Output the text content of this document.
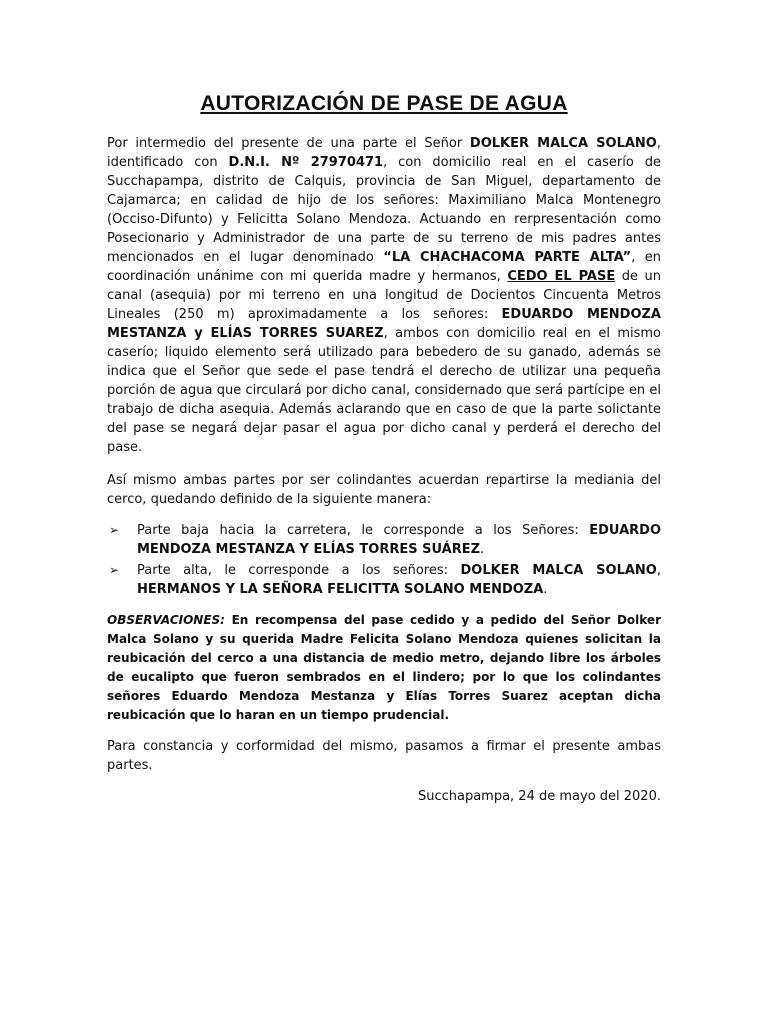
AUTORIZACIÓN DE PASE DE AGUA

Por intermedio del presente de una parte el Señor DOLKER MALCA SOLANO, identificado con D.N.I. Nº 27970471, con domicilio real en el caserío de Succhapampa, distrito de Calquis, provincia de San Miguel, departamento de Cajamarca; en calidad de hijo de los señores: Maximiliano Malca Montenegro (Occiso-Difunto) y Felicitta Solano Mendoza. Actuando en rerpresentación como Posecionario y Administrador de una parte de su terreno de mis padres antes mencionados en el lugar denominado “LA CHACHACOMA PARTE ALTA”, en coordinación unánime con mi querida madre y hermanos, CEDO EL PASE de un canal (asequia) por mi terreno en una longitud de Docientos Cincuenta Metros Lineales (250 m) aproximadamente a los señores: EDUARDO MENDOZA MESTANZA y ELÍAS TORRES SUAREZ, ambos con domicilio real en el mismo caserío; liquido elemento será utilizado para bebedero de su ganado, además se indica que el Señor que sede el pase tendrá el derecho de utilizar una pequeña porción de agua que circulará por dicho canal, considernado que será partícipe en el trabajo de dicha asequia. Además aclarando que en caso de que la parte solictante del pase se negará dejar pasar el agua por dicho canal y perderá el derecho del pase.

Así mismo ambas partes por ser colindantes acuerdan repartirse la mediania del cerco, quedando definido de la siguiente manera:

➢ Parte baja hacia la carretera, le corresponde a los Señores: EDUARDO MENDOZA MESTANZA Y ELÍAS TORRES SUÁREZ.
➢ Parte alta, le corresponde a los señores: DOLKER MALCA SOLANO, HERMANOS Y LA SEÑORA FELICITTA SOLANO MENDOZA.

OBSERVACIONES: En recompensa del pase cedido y a pedido del Señor Dolker Malca Solano y su querida Madre Felicita Solano Mendoza quienes solicitan la reubicación del cerco a una distancia de medio metro, dejando libre los árboles de eucalipto que fueron sembrados en el lindero; por lo que los colindantes señores Eduardo Mendoza Mestanza y Elías Torres Suarez aceptan dicha reubicación que lo haran en un tiempo prudencial.

Para constancia y corformidad del mismo, pasamos a firmar el presente ambas partes.

Succhapampa, 24 de mayo del 2020.
